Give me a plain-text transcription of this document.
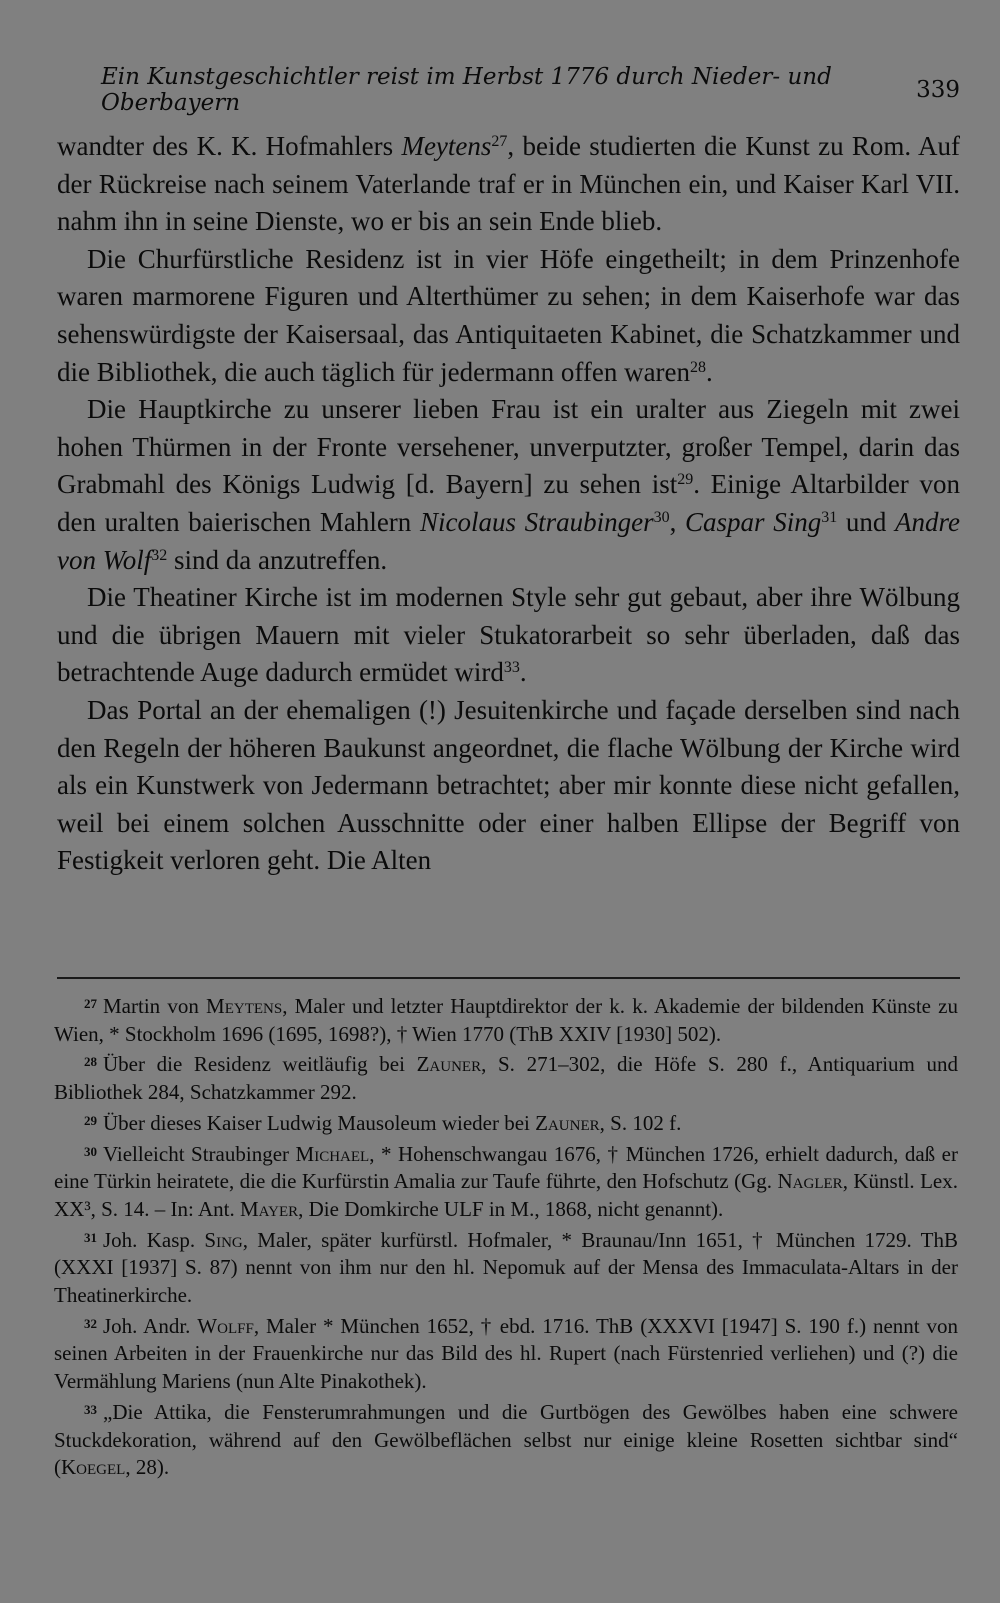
Ein Kunstgeschichtler reist im Herbst 1776 durch Nieder- und Oberbayern	339

wandter des K. K. Hofmahlers Meytens$^{27}$, beide studierten die Kunst zu Rom. Auf der Rückreise nach seinem Vaterlande traf er in München ein, und Kaiser Karl VII. nahm ihn in seine Dienste, wo er bis an sein Ende blieb.

Die Churfürstliche Residenz ist in vier Höfe eingetheilt; in dem Prinzenhofe waren marmorene Figuren und Alterthümer zu sehen; in dem Kaiserhofe war das sehenswürdigste der Kaisersaal, das Antiquitaeten Kabinet, die Schatzkammer und die Bibliothek, die auch täglich für jedermann offen waren$^{28}$.

Die Hauptkirche zu unserer lieben Frau ist ein uralter aus Ziegeln mit zwei hohen Thürmen in der Fronte versehener, unverputzter, großer Tempel, darin das Grabmahl des Königs Ludwig [d. Bayern] zu sehen ist$^{29}$. Einige Altarbilder von den uralten baierischen Mahlern Nicolaus Straubinger$^{30}$, Caspar Sing$^{31}$ und Andre von Wolf$^{32}$ sind da anzutreffen.

Die Theatiner Kirche ist im modernen Style sehr gut gebaut, aber ihre Wölbung und die übrigen Mauern mit vieler Stukatorarbeit so sehr überladen, daß das betrachtende Auge dadurch ermüdet wird$^{33}$.

Das Portal an der ehemaligen (!) Jesuitenkirche und façade derselben sind nach den Regeln der höheren Baukunst angeordnet, die flache Wölbung der Kirche wird als ein Kunstwerk von Jedermann betrachtet; aber mir konnte diese nicht gefallen, weil bei einem solchen Ausschnitte oder einer halben Ellipse der Begriff von Festigkeit verloren geht. Die Alten

$^{27}$ Martin von Meytens, Maler und letzter Hauptdirektor der k. k. Akademie der bildenden Künste zu Wien, * Stockholm 1696 (1695, 1698?), † Wien 1770 (ThB XXIV [1930] 502).

$^{28}$ Über die Residenz weitläufig bei Zauner, S. 271–302, die Höfe S. 280 f., Antiquarium und Bibliothek 284, Schatzkammer 292.

$^{29}$ Über dieses Kaiser Ludwig Mausoleum wieder bei Zauner, S. 102 f.

$^{30}$ Vielleicht Straubinger Michael, * Hohenschwangau 1676, † München 1726, erhielt dadurch, daß er eine Türkin heiratete, die die Kurfürstin Amalia zur Taufe führte, den Hofschutz (Gg. Nagler, Künstl. Lex. XX³, S. 14. – In: Ant. Mayer, Die Domkirche ULF in M., 1868, nicht genannt).

$^{31}$ Joh. Kasp. Sing, Maler, später kurfürstl. Hofmaler, * Braunau/Inn 1651, † München 1729. ThB (XXXI [1937] S. 87) nennt von ihm nur den hl. Nepomuk auf der Mensa des Immaculata-Altars in der Theatinerkirche.

$^{32}$ Joh. Andr. Wolff, Maler * München 1652, † ebd. 1716. ThB (XXXVI [1947] S. 190 f.) nennt von seinen Arbeiten in der Frauenkirche nur das Bild des hl. Rupert (nach Fürstenried verliehen) und (?) die Vermählung Mariens (nun Alte Pinakothek).

$^{33}$ „Die Attika, die Fensterumrahmungen und die Gurtbögen des Gewölbes haben eine schwere Stuckdekoration, während auf den Gewölbeflächen selbst nur einige kleine Rosetten sichtbar sind“ (Koegel, 28).
